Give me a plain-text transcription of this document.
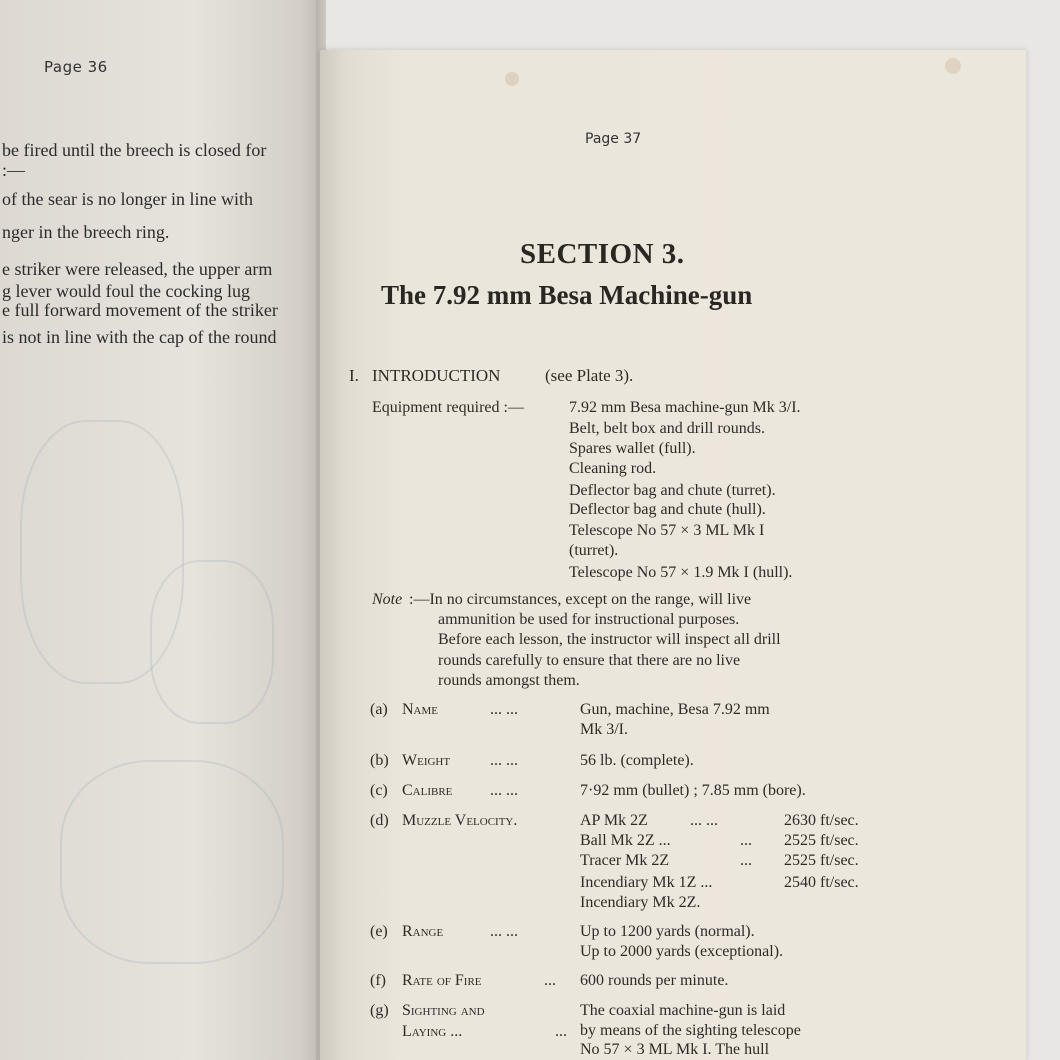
Page 36
be fired until the breech is closed for
:—
of the sear is no longer in line with
nger in the breech ring.
e striker were released, the upper arm
g lever would foul the cocking lug
e full forward movement of the striker
is not in line with the cap of the round
Page 37
SECTION 3.
The 7.92 mm Besa Machine-gun
I. INTRODUCTION	(see Plate 3).
Equipment required :—	7.92 mm Besa machine-gun Mk 3/I.
Belt, belt box and drill rounds.
Spares wallet (full).
Cleaning rod.
Deflector bag and chute (turret).
Deflector bag and chute (hull).
Telescope No 57 × 3 ML Mk I
(turret).
Telescope No 57 × 1.9 Mk I (hull).
Note :—In no circumstances, except on the range, will live
ammunition be used for instructional purposes.
Before each lesson, the instructor will inspect all drill
rounds carefully to ensure that there are no live
rounds amongst them.
(a) Name	... ...	Gun, machine, Besa 7.92 mm
Mk 3/I.
(b) Weight ... ...	56 lb. (complete).
(c) Calibre ... ...	7·92 mm (bullet) ; 7.85 mm (bore).
(d) Muzzle Velocity.	AP Mk 2Z	... ...	2630 ft/sec.
Ball Mk 2Z ...	... 2525 ft/sec.
Tracer Mk 2Z	... 2525 ft/sec.
Incendiary Mk 1Z ...	2540 ft/sec.
Incendiary Mk 2Z.
(e) Range	... ...	Up to 1200 yards (normal).
Up to 2000 yards (exceptional).
(f) Rate of Fire	... 600 rounds per minute.
(g) Sighting and
Laying ...	...
The coaxial machine-gun is laid
by means of the sighting telescope
No 57 × 3 ML Mk I. The hull
